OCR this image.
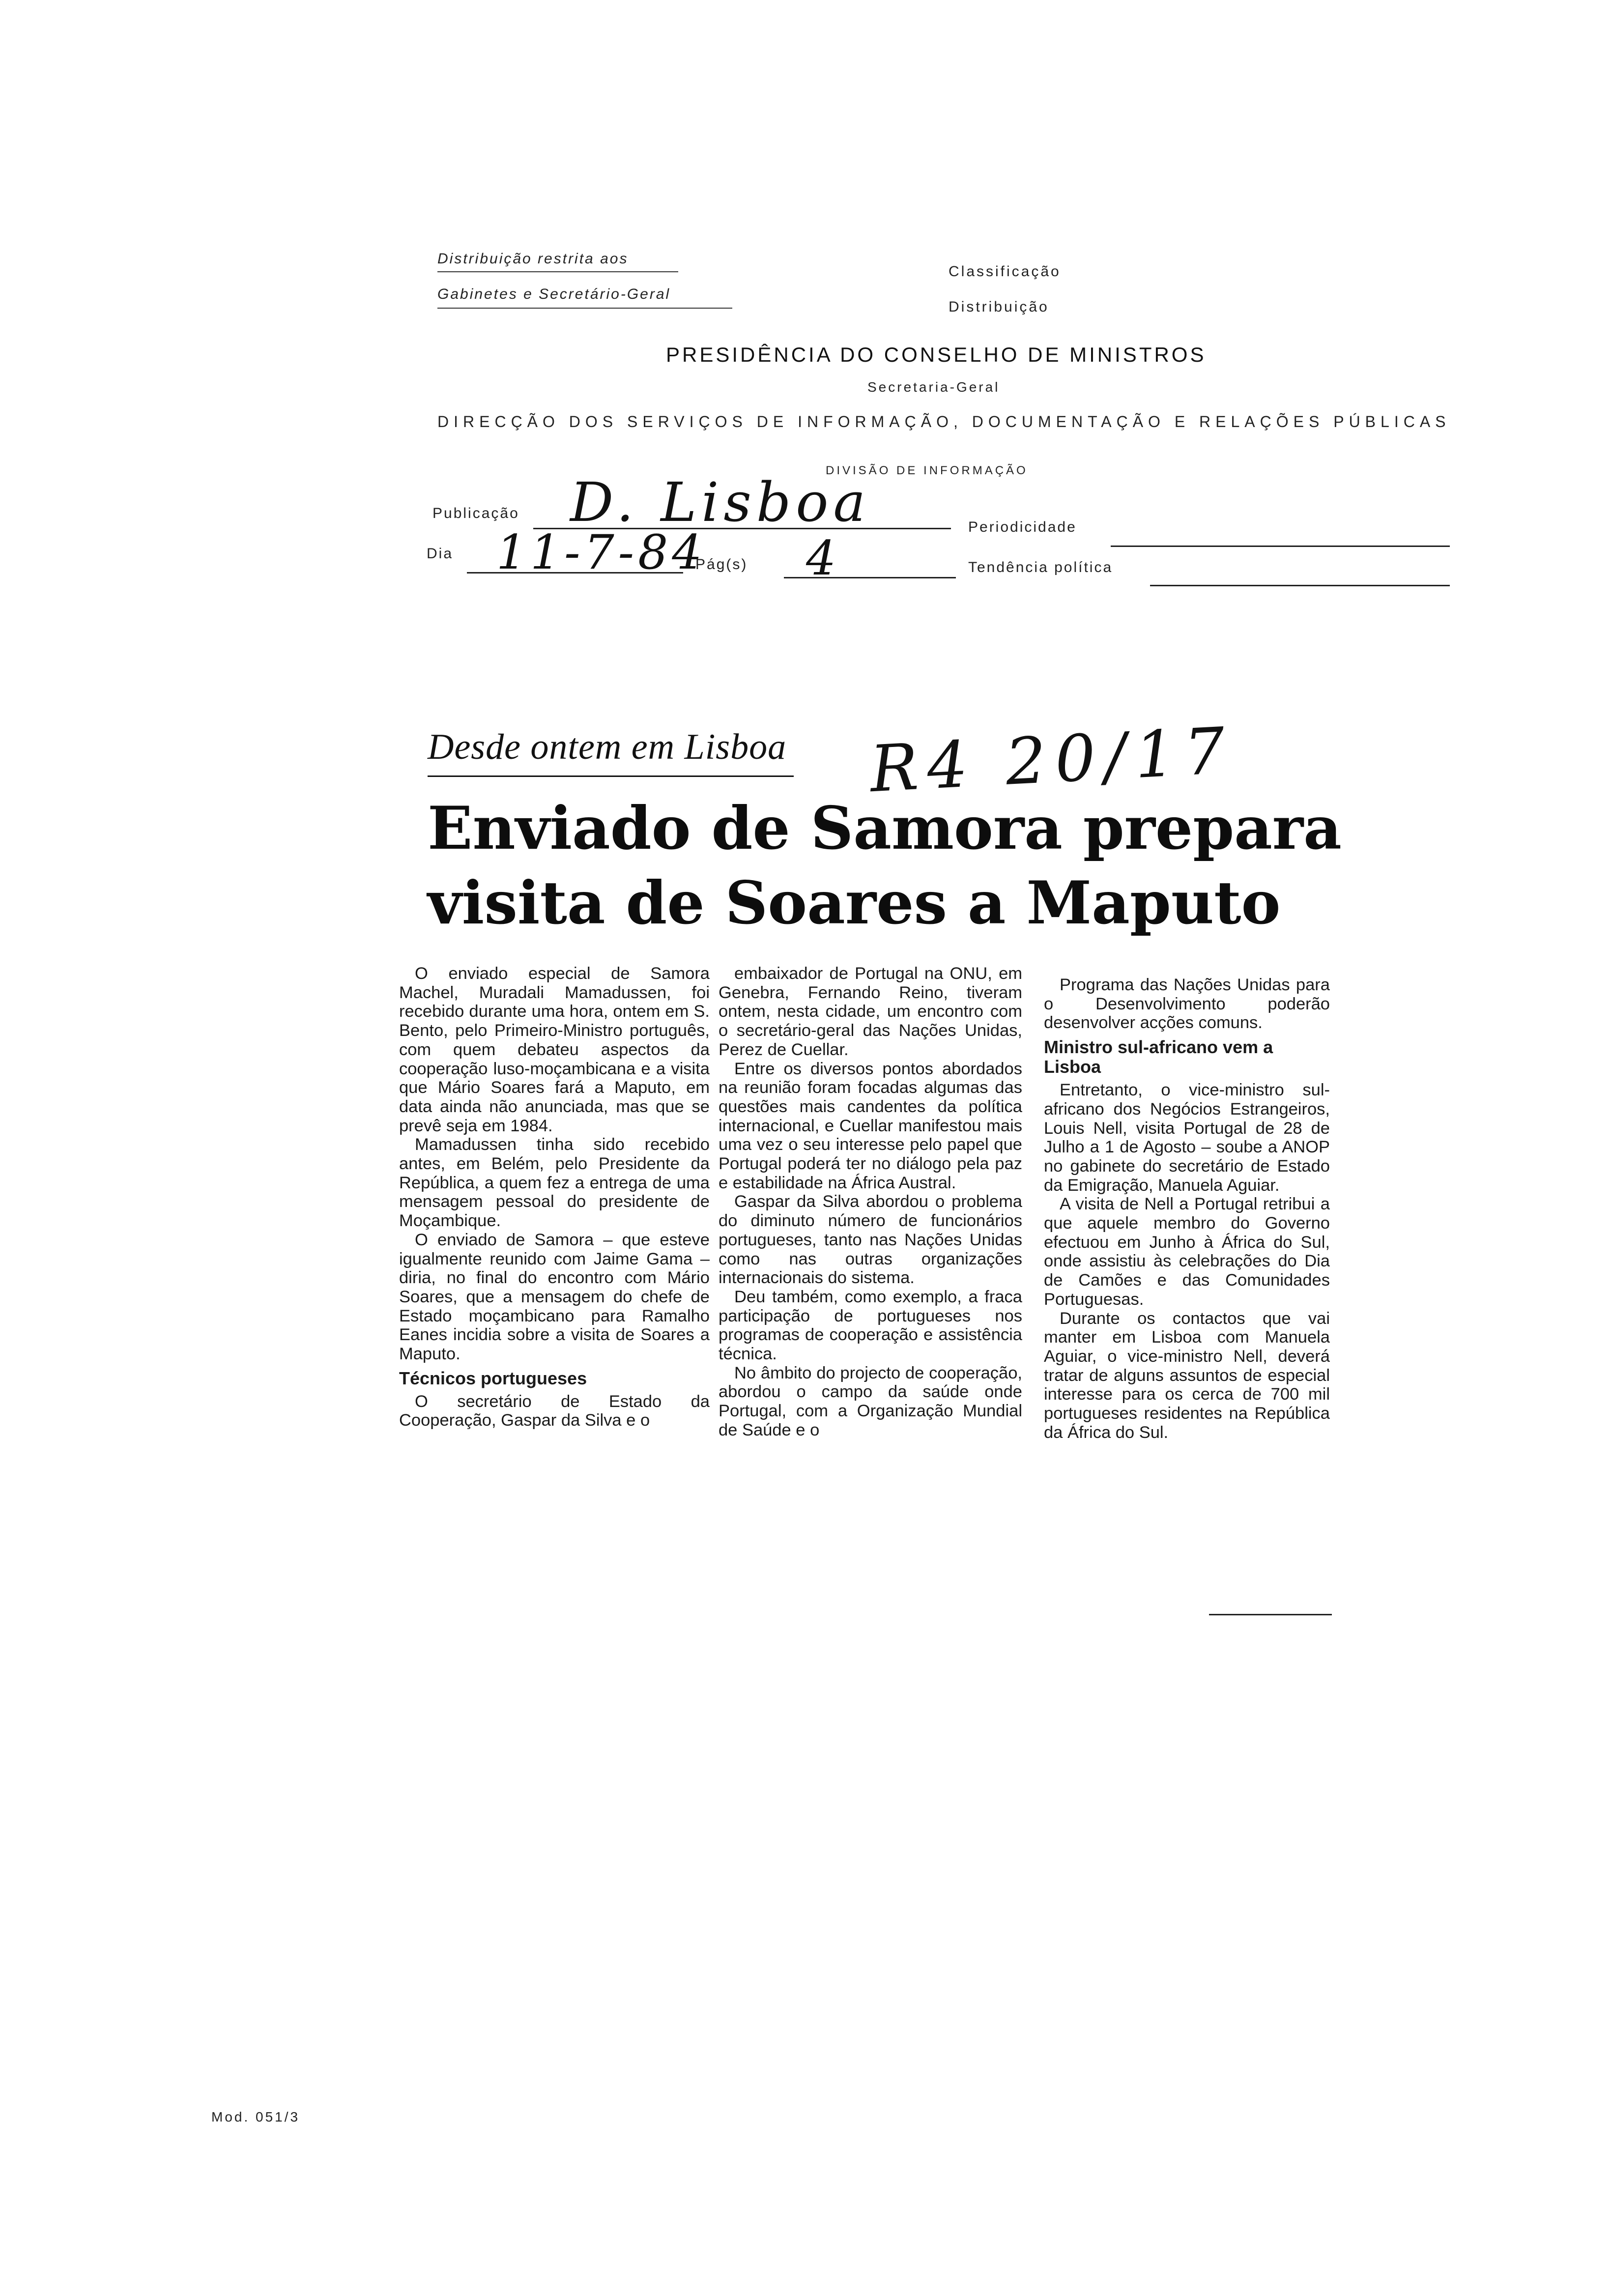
Distribuição restrita aos
Gabinetes e Secretário-Geral
Classificação
Distribuição
PRESIDÊNCIA DO CONSELHO DE MINISTROS
Secretaria-Geral
DIRECÇÃO DOS SERVIÇOS DE INFORMAÇÃO, DOCUMENTAÇÃO E RELAÇÕES PÚBLICAS
DIVISÃO DE INFORMAÇÃO
Publicação D. Lisboa	Periodicidade
Dia 11-7-84
Pág(s) 4	Tendência política
R4 20/17
Desde ontem em Lisboa
Enviado de Samora prepara
visita de Soares a Maputo

O enviado especial de Samora Machel, Muradali Mamadussen, foi recebido durante uma hora, ontem em S. Bento, pelo Primeiro-Ministro português, com quem debateu aspectos da cooperação luso-moçambicana e a visita que Mário Soares fará a Maputo, em data ainda não anunciada, mas que se prevê seja em 1984.

Mamadussen tinha sido recebido antes, em Belém, pelo Presidente da República, a quem fez a entrega de uma mensagem pessoal do presidente de Moçambique.

O enviado de Samora – que esteve igualmente reunido com Jaime Gama – diria, no final do encontro com Mário Soares, que a mensagem do chefe de Estado moçambicano para Ramalho Eanes incidia sobre a visita de Soares a Maputo.

Técnicos portugueses

O secretário de Estado da Cooperação, Gaspar da Silva e o

embaixador de Portugal na ONU, em Genebra, Fernando Reino, tiveram ontem, nesta cidade, um encontro com o secretário-geral das Nações Unidas, Perez de Cuellar.

Entre os diversos pontos abordados na reunião foram focadas algumas das questões mais candentes da política internacional, e Cuellar manifestou mais uma vez o seu interesse pelo papel que Portugal poderá ter no diálogo pela paz e estabilidade na África Austral.

Gaspar da Silva abordou o problema do diminuto número de funcionários portugueses, tanto nas Nações Unidas como nas outras organizações internacionais do sistema.

Deu também, como exemplo, a fraca participação de portugueses nos programas de cooperação e assistência técnica.

No âmbito do projecto de cooperação, abordou o campo da saúde onde Portugal, com a Organização Mundial de Saúde e o

Programa das Nações Unidas para o Desenvolvimento poderão desenvolver acções comuns.

Ministro sul-africano vem a Lisboa

Entretanto, o vice-ministro sul-africano dos Negócios Estrangeiros, Louis Nell, visita Portugal de 28 de Julho a 1 de Agosto – soube a ANOP no gabinete do secretário de Estado da Emigração, Manuela Aguiar.

A visita de Nell a Portugal retribui a que aquele membro do Governo efectuou em Junho à África do Sul, onde assistiu às celebrações do Dia de Camões e das Comunidades Portuguesas.

Durante os contactos que vai manter em Lisboa com Manuela Aguiar, o vice-ministro Nell, deverá tratar de alguns assuntos de especial interesse para os cerca de 700 mil portugueses residentes na República da África do Sul.

Mod. 051/3
